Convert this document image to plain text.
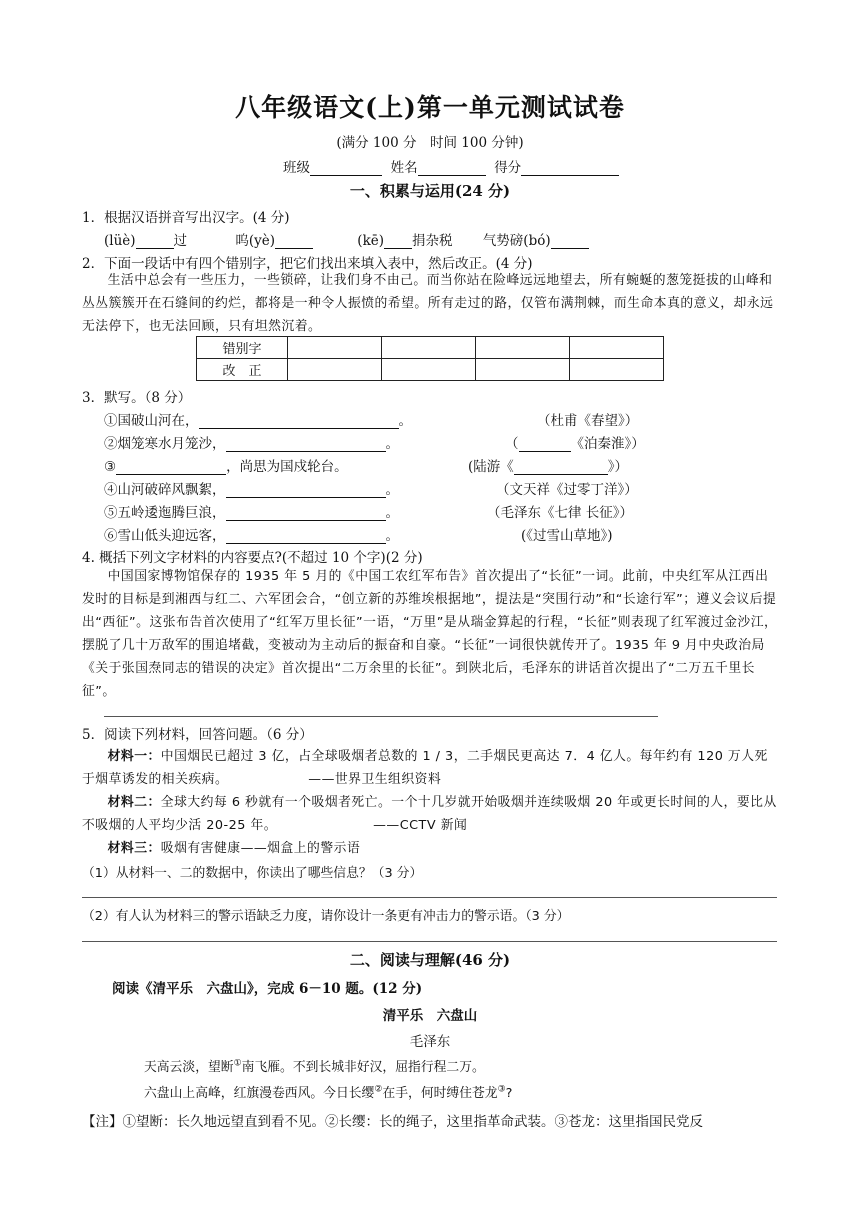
八年级语文(上)第一单元测试试卷
(满分 100 分　时间 100 分钟)
班级	姓名	得分
一、积累与运用(24 分)
1．根据汉语拼音写出汉字。(4 分)
(lüè)	过	呜(yè)	(kē) 捐杂税 气势磅(bó)
2．下面一段话中有四个错别字，把它们找出来填入表中，然后改正。(4 分)
生活中总会有一些压力，一些锁碎，让我们身不由己。而当你站在险峰远远地望去，所有蜿蜒的葱笼挺拔的山峰和丛丛簇簇开在石缝间的约烂，都将是一种令人振愤的希望。所有走过的路，仅管布满荆棘，而生命本真的意义，却永远无法停下，也无法回顾，只有坦然沉着。
错别字				
改　正				
3．默写。（8 分）
①国破山河在，	。	（杜甫《春望》）
②烟笼寒水月笼沙，	。	（	《泊秦淮》）
③	，尚思为国戍轮台。	(陆游《	》）
④山河破碎风飘絮，	。	（文天祥《过零丁洋》）
⑤五岭逶迤腾巨浪，	。	（毛泽东《七律 长征》）
⑥雪山低头迎远客，	。	(《过雪山草地》)
4. 概括下列文字材料的内容要点?(不超过 10 个字)(2 分)
中国国家博物馆保存的 1935 年 5 月的《中国工农红军布告》首次提出了“长征”一词。此前，中央红军从江西出发时的目标是到湘西与红二、六军团会合，“创立新的苏维埃根据地”，提法是“突围行动”和“长途行军”；遵义会议后提出“西征”。这张布告首次使用了“红军万里长征”一语，“万里”是从瑞金算起的行程，“长征”则表现了红军渡过金沙江，摆脱了几十万敌军的围追堵截，变被动为主动后的振奋和自豪。“长征”一词很快就传开了。1935 年 9 月中央政治局《关于张国焘同志的错误的决定》首次提出“二万余里的长征”。到陕北后，毛泽东的讲话首次提出了“二万五千里长征”。
5．阅读下列材料，回答问题。（6 分）
材料一：中国烟民已超过 3 亿，占全球吸烟者总数的 1 / 3，二手烟民更高达 7．4 亿人。每年约有 120 万人死于烟草诱发的相关疾病。	——世界卫生组织资料
材料二：全球大约每 6 秒就有一个吸烟者死亡。一个十几岁就开始吸烟并连续吸烟 20 年或更长时间的人，要比从不吸烟的人平均少活 20-25 年。	——CCTV 新闻
材料三：吸烟有害健康——烟盒上的警示语
（1）从材料一、二的数据中，你读出了哪些信息？（3 分）
（2）有人认为材料三的警示语缺乏力度，请你设计一条更有冲击力的警示语。（3 分）
二、阅读与理解(46 分)
阅读《清平乐　六盘山》，完成 6－10 题。(12 分)
清平乐　六盘山
毛泽东
天高云淡，望断①南飞雁。不到长城非好汉，屈指行程二万。
六盘山上高峰，红旗漫卷西风。今日长缨②在手，何时缚住苍龙③?
【注】①望断：长久地远望直到看不见。②长缨：长的绳子，这里指革命武装。③苍龙：这里指国民党反
